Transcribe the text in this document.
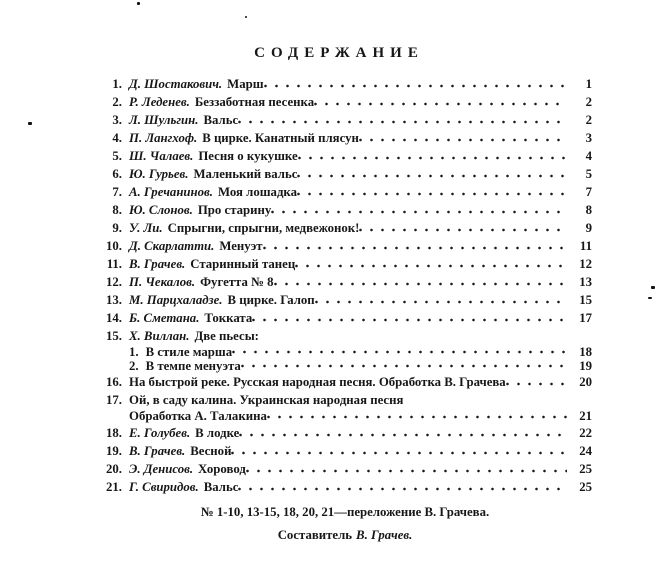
СОДЕРЖАНИЕ
1. Д. Шостакович. Марш	1
2. Р. Леденев. Беззаботная песенка	2
3. Л. Шульгин. Вальс	2
4. П. Лангхоф. В цирке. Канатный плясун	3
5. Ш. Чалаев. Песня о кукушке	4
6. Ю. Гурьев. Маленький вальс	5
7. А. Гречанинов. Моя лошадка	7
8. Ю. Слонов. Про старину	8
9. У. Ли. Спрыгни, спрыгни, медвежонок!	9
10. Д. Скарлатти. Менуэт	11
11. В. Грачев. Старинный танец	12
12. П. Чекалов. Фугетта № 8	13
13. М. Парцхаладзе. В цирке. Галоп	15
14. Б. Сметана. Токката	17
15. Х. Виллан. Две пьесы:
1. В стиле марша	18
2. В темпе менуэта	19
16. На быстрой реке. Русская народная песня. Обработка В. Грачева	20
17. Ой, в саду калина. Украинская народная песня
Обработка А. Талакина	21
18. Е. Голубев. В лодке	22
19. В. Грачев. Весной	24
20. Э. Денисов. Хоровод	25
21. Г. Свиридов. Вальс	25
№ 1-10, 13-15, 18, 20, 21—переложение В. Грачева.
Составитель В. Грачев.
